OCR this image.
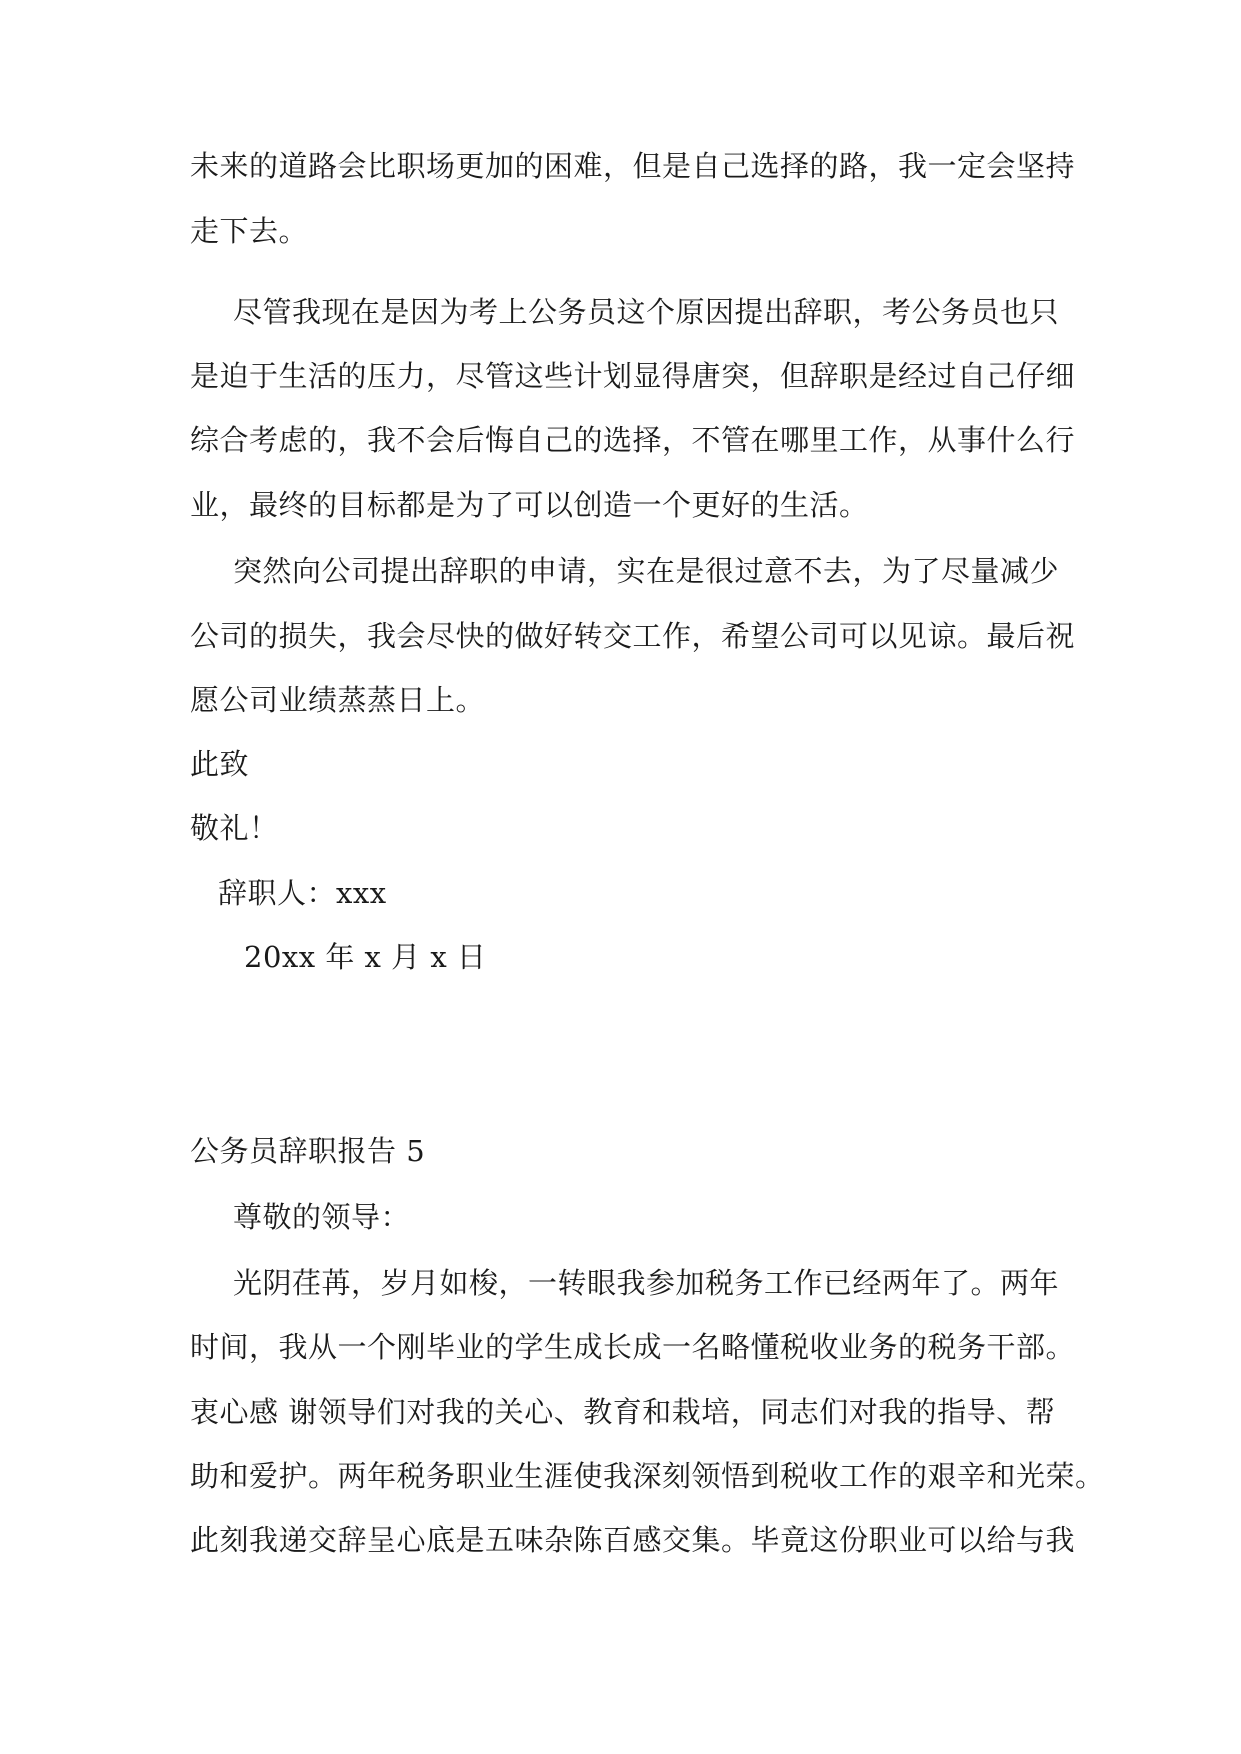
未来的道路会比职场更加的困难，但是自己选择的路，我一定会坚持
走下去。
尽管我现在是因为考上公务员这个原因提出辞职，考公务员也只
是迫于生活的压力，尽管这些计划显得唐突，但辞职是经过自己仔细
综合考虑的，我不会后悔自己的选择，不管在哪里工作，从事什么行
业，最终的目标都是为了可以创造一个更好的生活。
突然向公司提出辞职的申请，实在是很过意不去，为了尽量减少
公司的损失，我会尽快的做好转交工作，希望公司可以见谅。最后祝
愿公司业绩蒸蒸日上。
此致
敬礼！
辞职人：xxx
20xx 年 x 月 x 日
公务员辞职报告 5
尊敬的领导：
光阴荏苒，岁月如梭，一转眼我参加税务工作已经两年了。两年
时间，我从一个刚毕业的学生成长成一名略懂税收业务的税务干部。
衷心感 谢领导们对我的关心、教育和栽培，同志们对我的指导、帮
助和爱护。两年税务职业生涯使我深刻领悟到税收工作的艰辛和光荣。
此刻我递交辞呈心底是五味杂陈百感交集。毕竟这份职业可以给与我
